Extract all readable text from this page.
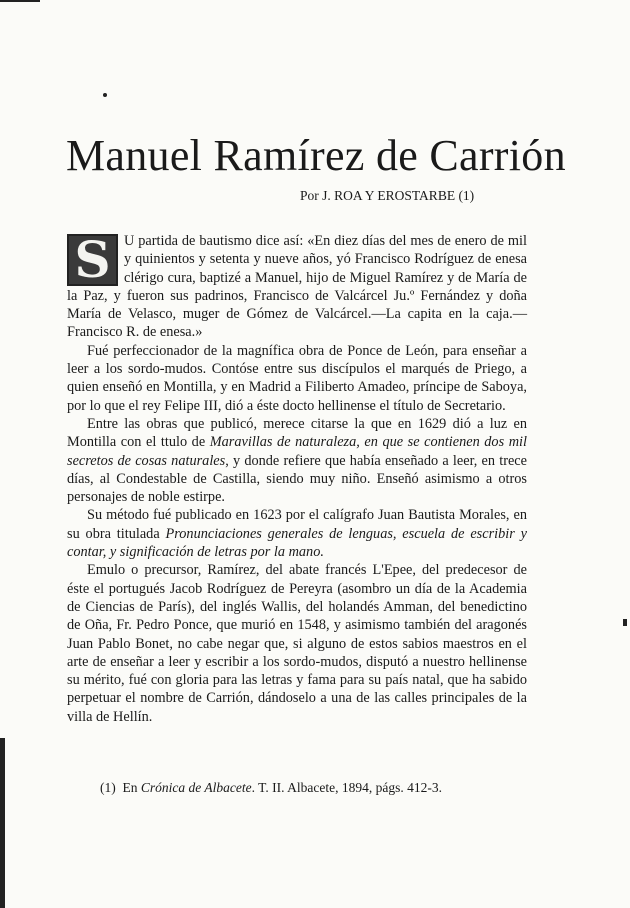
Manuel Ramírez de Carrión

Por J. ROA Y EROSTARBE (1)

S U partida de bautismo dice así: «En diez días del mes de enero de mil y quinientos y setenta y nueve años, yó Francisco Rodríguez de enesa clérigo cura, baptizé a Manuel, hijo de Miguel Ramírez y de María de la Paz, y fueron sus padrinos, Francisco de Valcárcel Ju.º Fernández y doña María de Velasco, muger de Gómez de Valcárcel.—La capita en la caja.—Francisco R. de enesa.»

Fué perfeccionador de la magnífica obra de Ponce de León, para enseñar a leer a los sordo-mudos. Contóse entre sus discípulos el marqués de Priego, a quien enseñó en Montilla, y en Madrid a Filiberto Amadeo, príncipe de Saboya, por lo que el rey Felipe III, dió a éste docto hellinense el título de Secretario.

Entre las obras que publicó, merece citarse la que en 1629 dió a luz en Montilla con el ttulo de Maravillas de naturaleza, en que se contienen dos mil secretos de cosas naturales, y donde refiere que había enseñado a leer, en trece días, al Condestable de Castilla, siendo muy niño. Enseñó asimismo a otros personajes de noble estirpe.

Su método fué publicado en 1623 por el calígrafo Juan Bautista Morales, en su obra titulada Pronunciaciones generales de lenguas, escuela de escribir y contar, y significación de letras por la mano.

Emulo o precursor, Ramírez, del abate francés L'Epee, del predecesor de éste el portugués Jacob Rodríguez de Pereyra (asombro un día de la Academia de Ciencias de París), del inglés Wallis, del holandés Amman, del benedictino de Oña, Fr. Pedro Ponce, que murió en 1548, y asimismo también del aragonés Juan Pablo Bonet, no cabe negar que, si alguno de estos sabios maestros en el arte de enseñar a leer y escribir a los sordo-mudos, disputó a nuestro hellinense su mérito, fué con gloria para las letras y fama para su país natal, que ha sabido perpetuar el nombre de Carrión, dándoselo a una de las calles principales de la villa de Hellín.

(1) En Crónica de Albacete. T. II. Albacete, 1894, págs. 412-3.
